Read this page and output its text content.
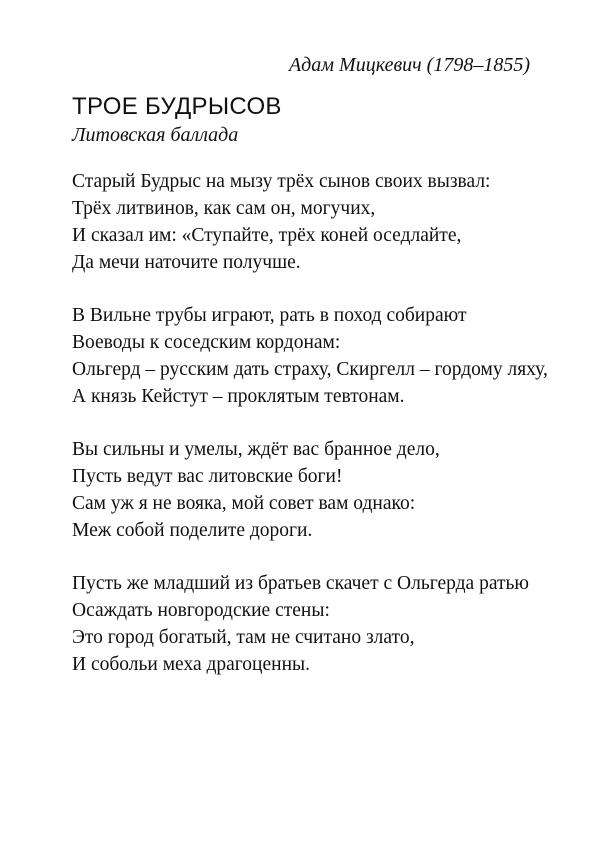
Адам Мицкевич (1798–1855)
ТРОЕ БУДРЫСОВ
Литовская баллада
Старый Будрыс на мызу трёх сынов своих вызвал:
Трёх литвинов, как сам он, могучих,
И сказал им: «Ступайте, трёх коней оседлайте,
Да мечи наточите получше.
В Вильне трубы играют, рать в поход собирают
Воеводы к соседским кордонам:
Ольгерд – русским дать страху, Скиргелл – гордому ляху,
А князь Кейстут – проклятым тевтонам.
Вы сильны и умелы, ждёт вас бранное дело,
Пусть ведут вас литовские боги!
Сам уж я не вояка, мой совет вам однако:
Меж собой поделите дороги.
Пусть же младший из братьев скачет с Ольгерда ратью
Осаждать новгородские стены:
Это город богатый, там не считано злато,
И собольи меха драгоценны.
